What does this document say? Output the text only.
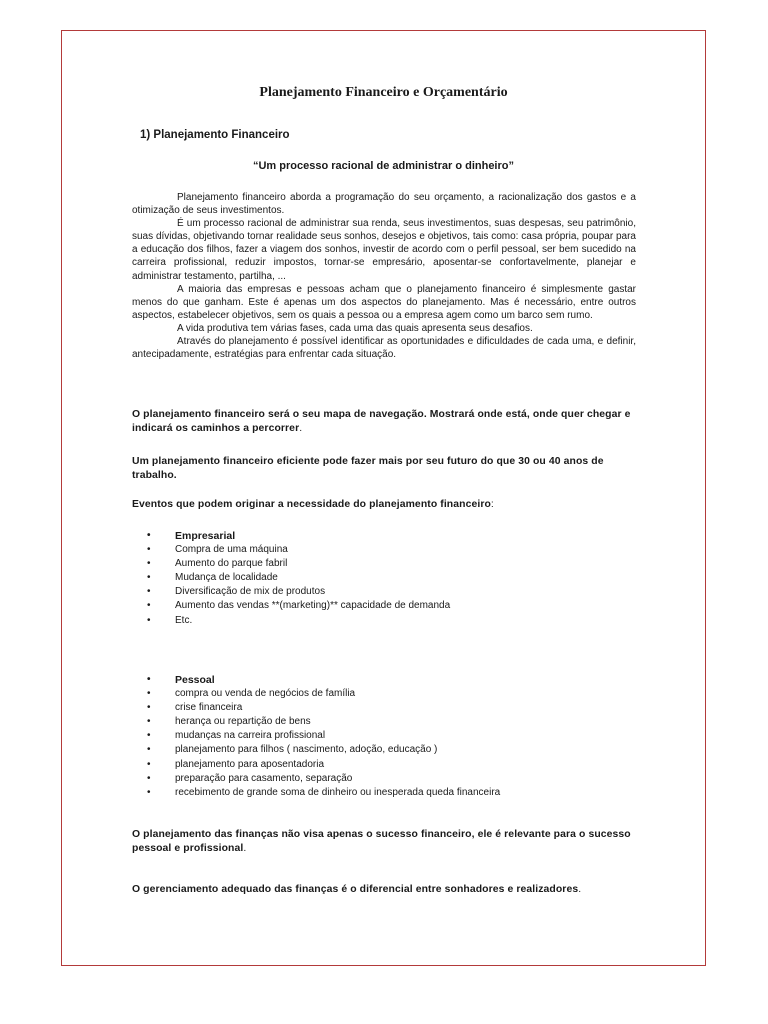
Planejamento Financeiro e Orçamentário
1) Planejamento Financeiro
“Um processo racional de administrar o dinheiro”

Planejamento financeiro aborda a programação do seu orçamento, a racionalização dos gastos e a otimização de seus investimentos.

É um processo racional de administrar sua renda, seus investimentos, suas despesas, seu patrimônio, suas dívidas, objetivando tornar realidade seus sonhos, desejos e objetivos, tais como: casa própria, poupar para a educação dos filhos, fazer a viagem dos sonhos, investir de acordo com o perfil pessoal, ser bem sucedido na carreira profissional, reduzir impostos, tornar-se empresário, aposentar-se confortavelmente, planejar e administrar testamento, partilha, ...

A maioria das empresas e pessoas acham que o planejamento financeiro é simplesmente gastar menos do que ganham. Este é apenas um dos aspectos do planejamento. Mas é necessário, entre outros aspectos, estabelecer objetivos, sem os quais a pessoa ou a empresa agem como um barco sem rumo.

A vida produtiva tem várias fases, cada uma das quais apresenta seus desafios.

Através do planejamento é possível identificar as oportunidades e dificuldades de cada uma, e definir, antecipadamente, estratégias para enfrentar cada situação.

O planejamento financeiro será o seu mapa de navegação. Mostrará onde está, onde quer chegar e indicará os caminhos a percorrer.
Um planejamento financeiro eficiente pode fazer mais por seu futuro do que 30 ou 40 anos de trabalho.
Eventos que podem originar a necessidade do planejamento financeiro:
• Empresarial
• Compra de uma máquina
• Aumento do parque fabril
• Mudança de localidade
• Diversificação de mix de produtos
• Aumento das vendas **(marketing)** capacidade de demanda
• Etc.
• Pessoal
• compra ou venda de negócios de família
• crise financeira
• herança ou repartição de bens
• mudanças na carreira profissional
• planejamento para filhos ( nascimento, adoção, educação )
• planejamento para aposentadoria
• preparação para casamento, separação
• recebimento de grande soma de dinheiro ou inesperada queda financeira
O planejamento das finanças não visa apenas o sucesso financeiro, ele é relevante para o sucesso pessoal e profissional.
O gerenciamento adequado das finanças é o diferencial entre sonhadores e realizadores.
